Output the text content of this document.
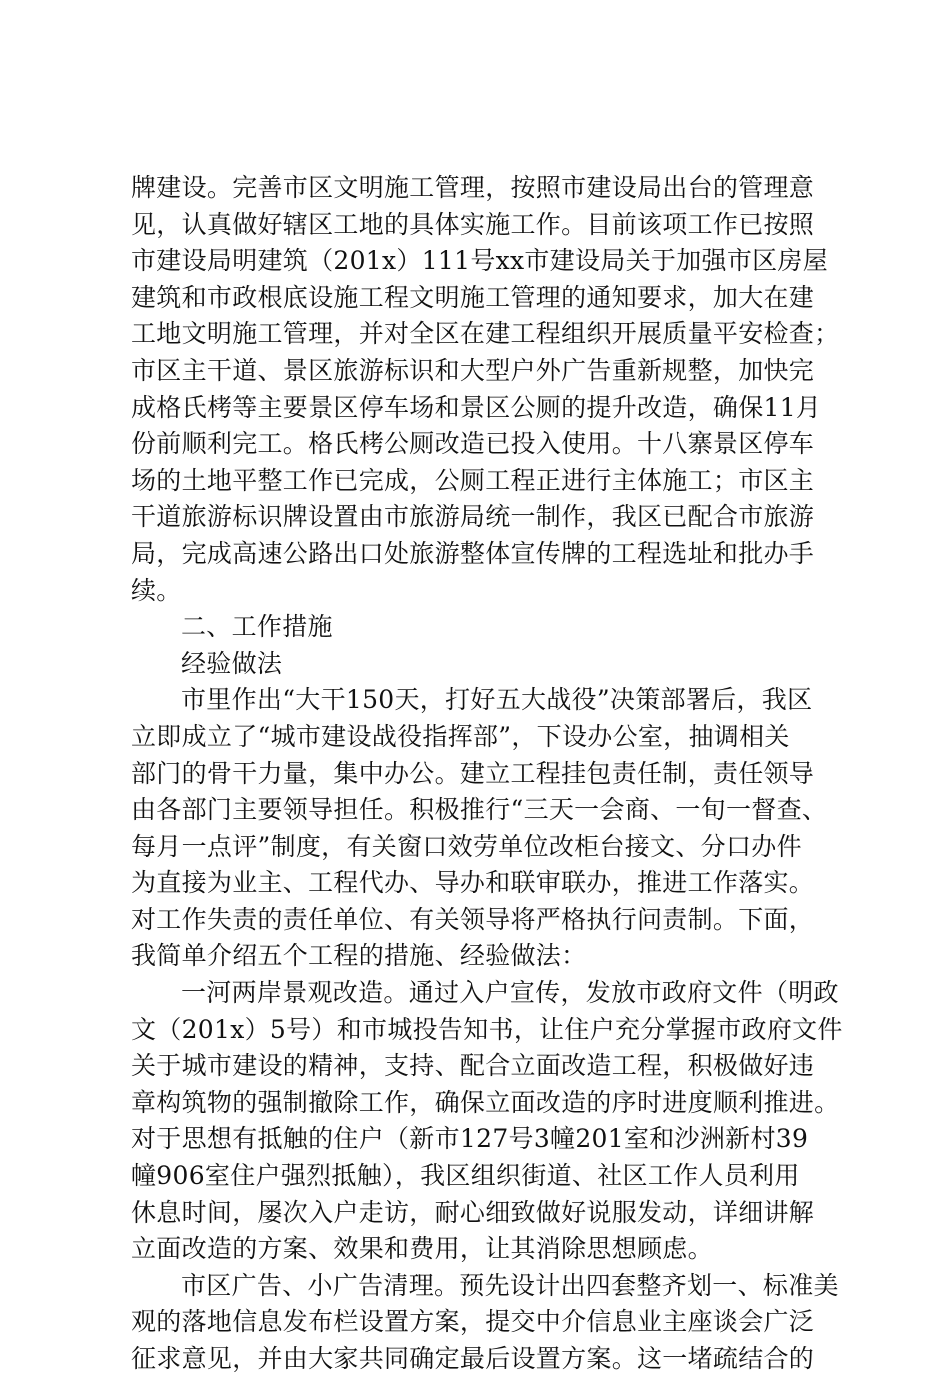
牌建设。完善市区文明施工管理，按照市建设局出台的管理意
见，认真做好辖区工地的具体实施工作。目前该项工作已按照
市建设局明建筑（201x）111号xx市建设局关于加强市区房屋
建筑和市政根底设施工程文明施工管理的通知要求，加大在建
工地文明施工管理，并对全区在建工程组织开展质量平安检查；
市区主干道、景区旅游标识和大型户外广告重新规整，加快完
成格氏栲等主要景区停车场和景区公厕的提升改造，确保11月
份前顺利完工。格氏栲公厕改造已投入使用。十八寨景区停车
场的土地平整工作已完成，公厕工程正进行主体施工；市区主
干道旅游标识牌设置由市旅游局统一制作，我区已配合市旅游
局，完成高速公路出口处旅游整体宣传牌的工程选址和批办手
续。
二、工作措施
经验做法
市里作出“大干150天，打好五大战役”决策部署后，我区
立即成立了“城市建设战役指挥部”，下设办公室，抽调相关
部门的骨干力量，集中办公。建立工程挂包责任制，责任领导
由各部门主要领导担任。积极推行“三天一会商、一旬一督查、
每月一点评”制度，有关窗口效劳单位改柜台接文、分口办件
为直接为业主、工程代办、导办和联审联办，推进工作落实。
对工作失责的责任单位、有关领导将严格执行问责制。下面，
我简单介绍五个工程的措施、经验做法：
一河两岸景观改造。通过入户宣传，发放市政府文件（明政
文（201x）5号）和市城投告知书，让住户充分掌握市政府文件
关于城市建设的精神，支持、配合立面改造工程，积极做好违
章构筑物的强制撤除工作，确保立面改造的序时进度顺利推进。
对于思想有抵触的住户（新市127号3幢201室和沙洲新村39
幢906室住户强烈抵触），我区组织街道、社区工作人员利用
休息时间，屡次入户走访，耐心细致做好说服发动，详细讲解
立面改造的方案、效果和费用，让其消除思想顾虑。
市区广告、小广告清理。预先设计出四套整齐划一、标准美
观的落地信息发布栏设置方案，提交中介信息业主座谈会广泛
征求意见，并由大家共同确定最后设置方案。这一堵疏结合的
